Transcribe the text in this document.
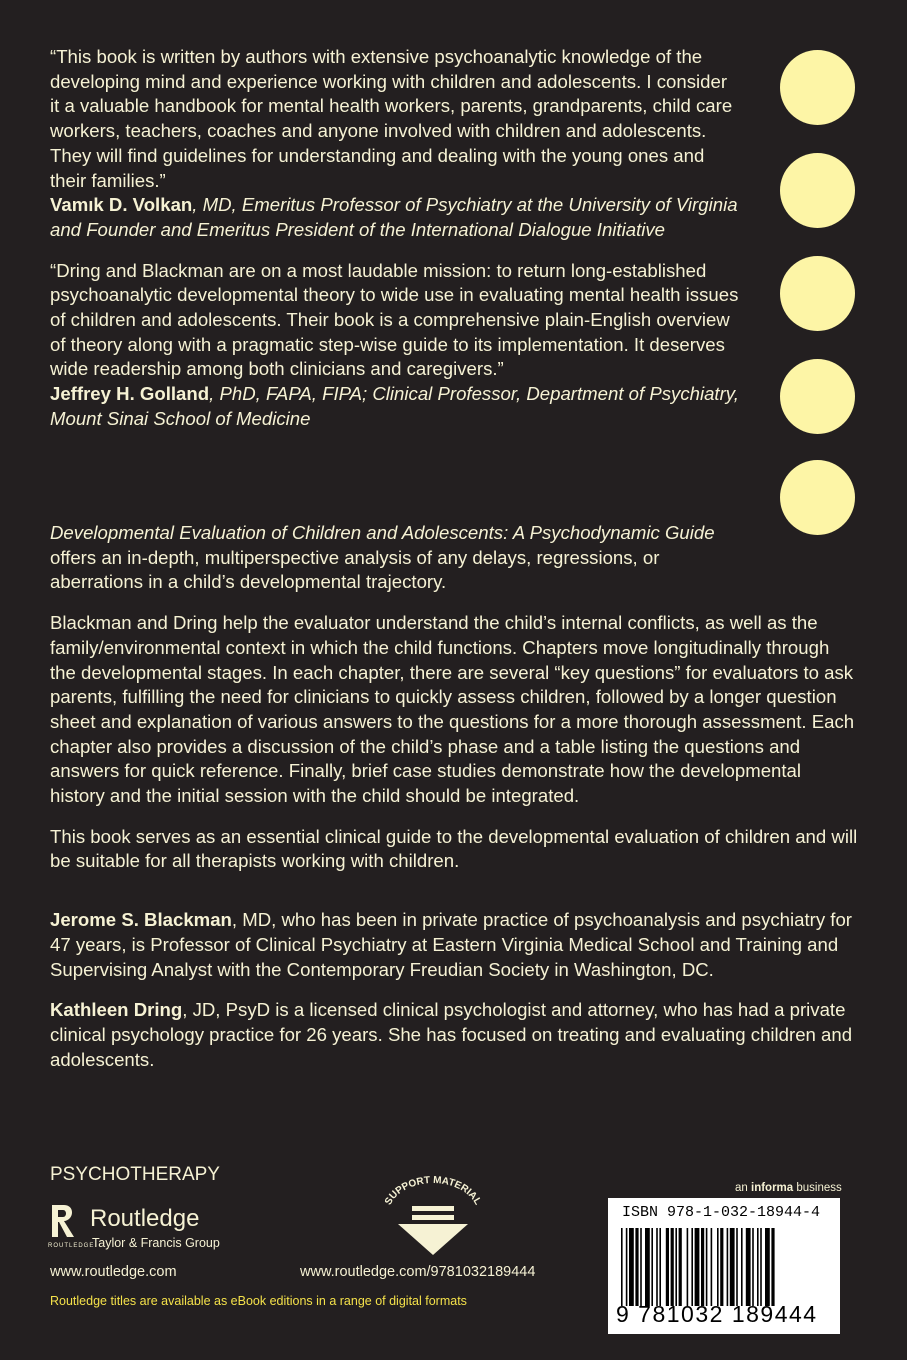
“This book is written by authors with extensive psychoanalytic knowledge of the developing mind and experience working with children and adolescents. I consider it a valuable handbook for mental health workers, parents, grandparents, child care workers, teachers, coaches and anyone involved with children and adolescents. They will find guidelines for understanding and dealing with the young ones and their families.”

Vamık D. Volkan, MD, Emeritus Professor of Psychiatry at the University of Virginia and Founder and Emeritus President of the International Dialogue Initiative

“Dring and Blackman are on a most laudable mission: to return long-established psychoanalytic developmental theory to wide use in evaluating mental health issues of children and adolescents. Their book is a comprehensive plain-English overview of theory along with a pragmatic step-wise guide to its implementation. It deserves wide readership among both clinicians and caregivers.”

Jeffrey H. Golland, PhD, FAPA, FIPA; Clinical Professor, Department of Psychiatry, Mount Sinai School of Medicine

Developmental Evaluation of Children and Adolescents: A Psychodynamic Guide offers an in-depth, multiperspective analysis of any delays, regressions, or aberrations in a child’s developmental trajectory.

Blackman and Dring help the evaluator understand the child’s internal conflicts, as well as the family/environmental context in which the child functions. Chapters move longitudinally through the developmental stages. In each chapter, there are several “key questions” for evaluators to ask parents, fulfilling the need for clinicians to quickly assess children, followed by a longer question sheet and explanation of various answers to the questions for a more thorough assessment. Each chapter also provides a discussion of the child’s phase and a table listing the questions and answers for quick reference. Finally, brief case studies demonstrate how the developmental history and the initial session with the child should be integrated.

This book serves as an essential clinical guide to the developmental evaluation of children and will be suitable for all therapists working with children.

Jerome S. Blackman, MD, who has been in private practice of psychoanalysis and psychiatry for 47 years, is Professor of Clinical Psychiatry at Eastern Virginia Medical School and Training and Supervising Analyst with the Contemporary Freudian Society in Washington, DC.

Kathleen Dring, JD, PsyD is a licensed clinical psychologist and attorney, who has had a private clinical psychology practice for 26 years. She has focused on treating and evaluating children and adolescents.

PSYCHOTHERAPY
ROUTLEDGE
Routledge
Taylor & Francis Group
www.routledge.com
SUPPORT MATERIAL
www.routledge.com/9781032189444
Routledge titles are available as eBook editions in a range of digital formats
an informa business
ISBN 978-1-032-18944-4
9 781032 189444
